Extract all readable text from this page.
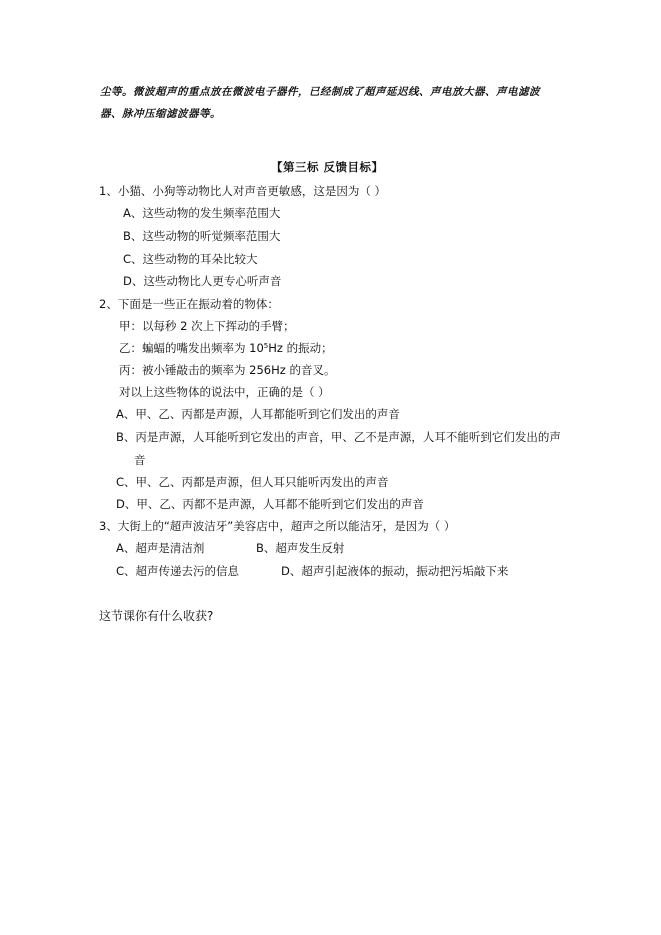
尘等。微波超声的重点放在微波电子器件，已经制成了超声延迟线、声电放大器、声电滤波
器、脉冲压缩滤波器等。
【第三标 反馈目标】
1、小猫、小狗等动物比人对声音更敏感，这是因为（ ）
A、这些动物的发生频率范围大
B、这些动物的听觉频率范围大
C、这些动物的耳朵比较大
D、这些动物比人更专心听声音
2、下面是一些正在振动着的物体：
甲：以每秒 2 次上下挥动的手臂；
乙：蝙蝠的嘴发出频率为 $10^5Hz$ 的振动；
丙：被小锤敲击的频率为 256Hz 的音叉。
对以上这些物体的说法中，正确的是（ ）
A、甲、乙、丙都是声源，人耳都能听到它们发出的声音
B、丙是声源，人耳能听到它发出的声音，甲、乙不是声源，人耳不能听到它们发出的声
音
C、甲、乙、丙都是声源，但人耳只能听丙发出的声音
D、甲、乙、丙都不是声源，人耳都不能听到它们发出的声音
3、大街上的“超声波洁牙”美容店中，超声之所以能洁牙，是因为（ ）
A、超声是清洁剂	B、超声发生反射
C、超声传递去污的信息	D、超声引起液体的振动，振动把污垢敲下来
这节课你有什么收获?
